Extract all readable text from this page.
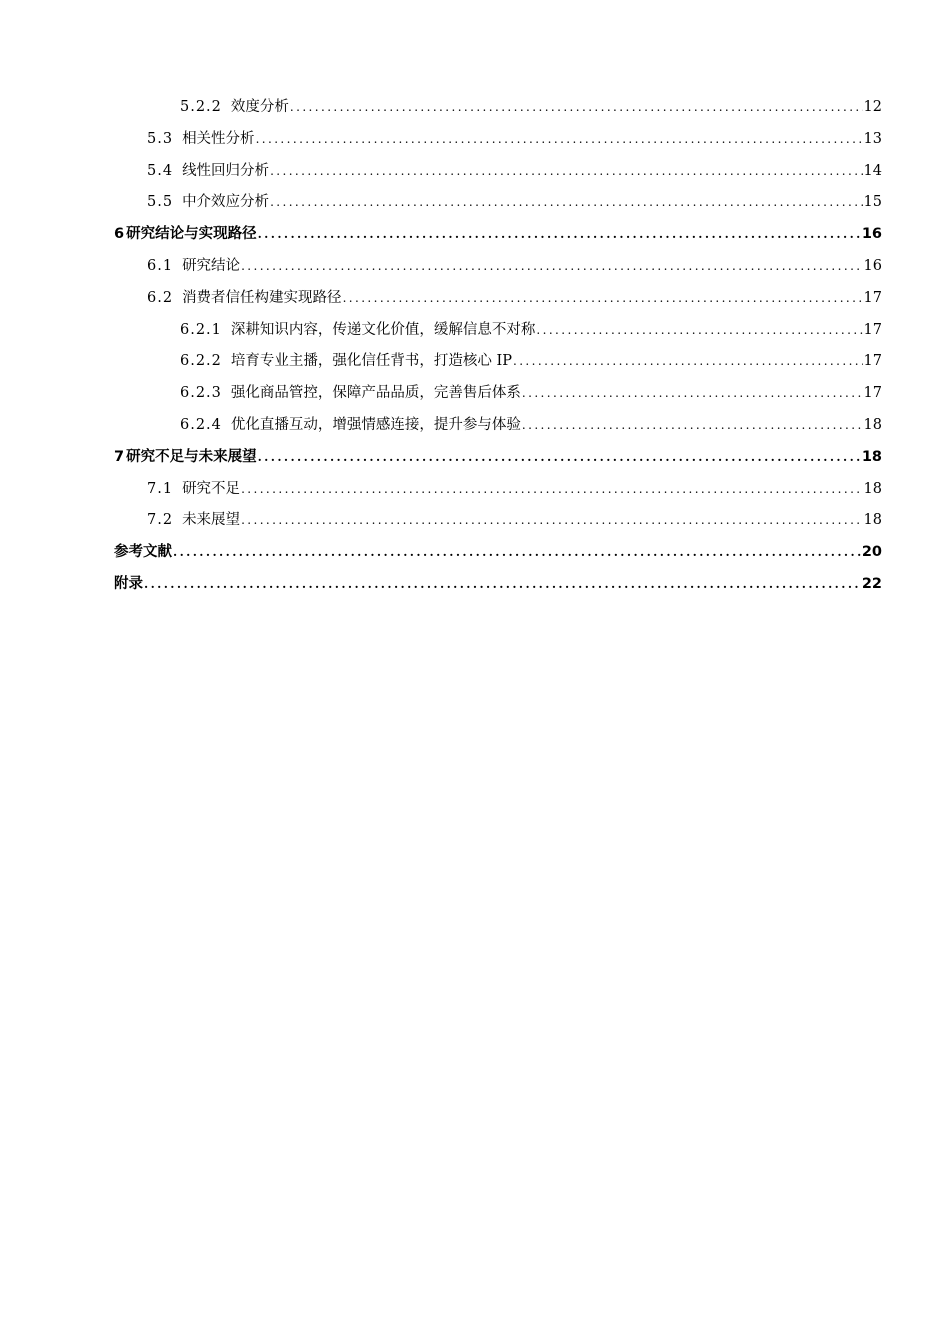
5.2.2 效度分析 .....	12
5.3 相关性分析 .....	13
5.4 线性回归分析 .....	14
5.5 中介效应分析 .....	15
6 研究结论与实现路径 .....	16
6.1 研究结论 .....	16
6.2 消费者信任构建实现路径 .....	17
6.2.1 深耕知识内容，传递文化价值，缓解信息不对称 .....	17
6.2.2 培育专业主播，强化信任背书，打造核心 IP .....	17
6.2.3 强化商品管控，保障产品品质，完善售后体系 .....	17
6.2.4 优化直播互动，增强情感连接，提升参与体验 .....	18
7 研究不足与未来展望 .....	18
7.1 研究不足 .....	18
7.2 未来展望 .....	18
参考文献 .....	20
附录 .....	22
